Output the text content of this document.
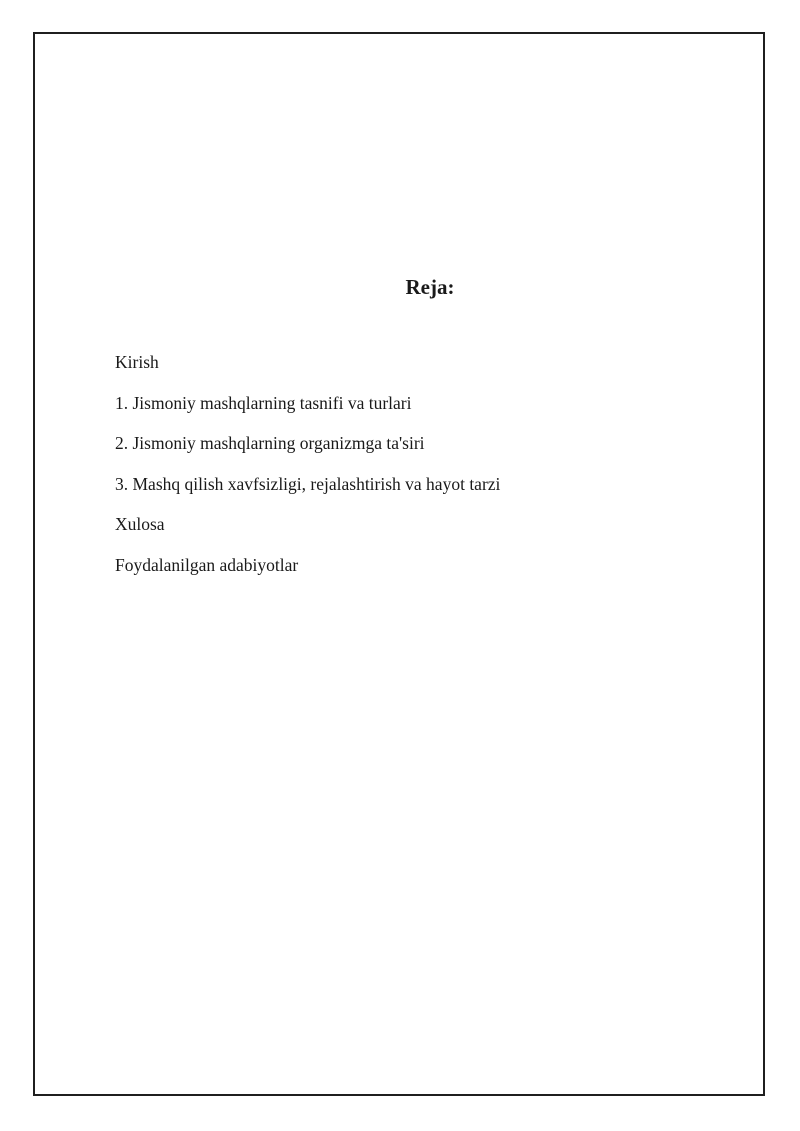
Reja:
Kirish
1. Jismoniy mashqlarning tasnifi va turlari
2. Jismoniy mashqlarning organizmga ta'siri
3. Mashq qilish xavfsizligi, rejalashtirish va hayot tarzi
Xulosa
Foydalanilgan adabiyotlar
